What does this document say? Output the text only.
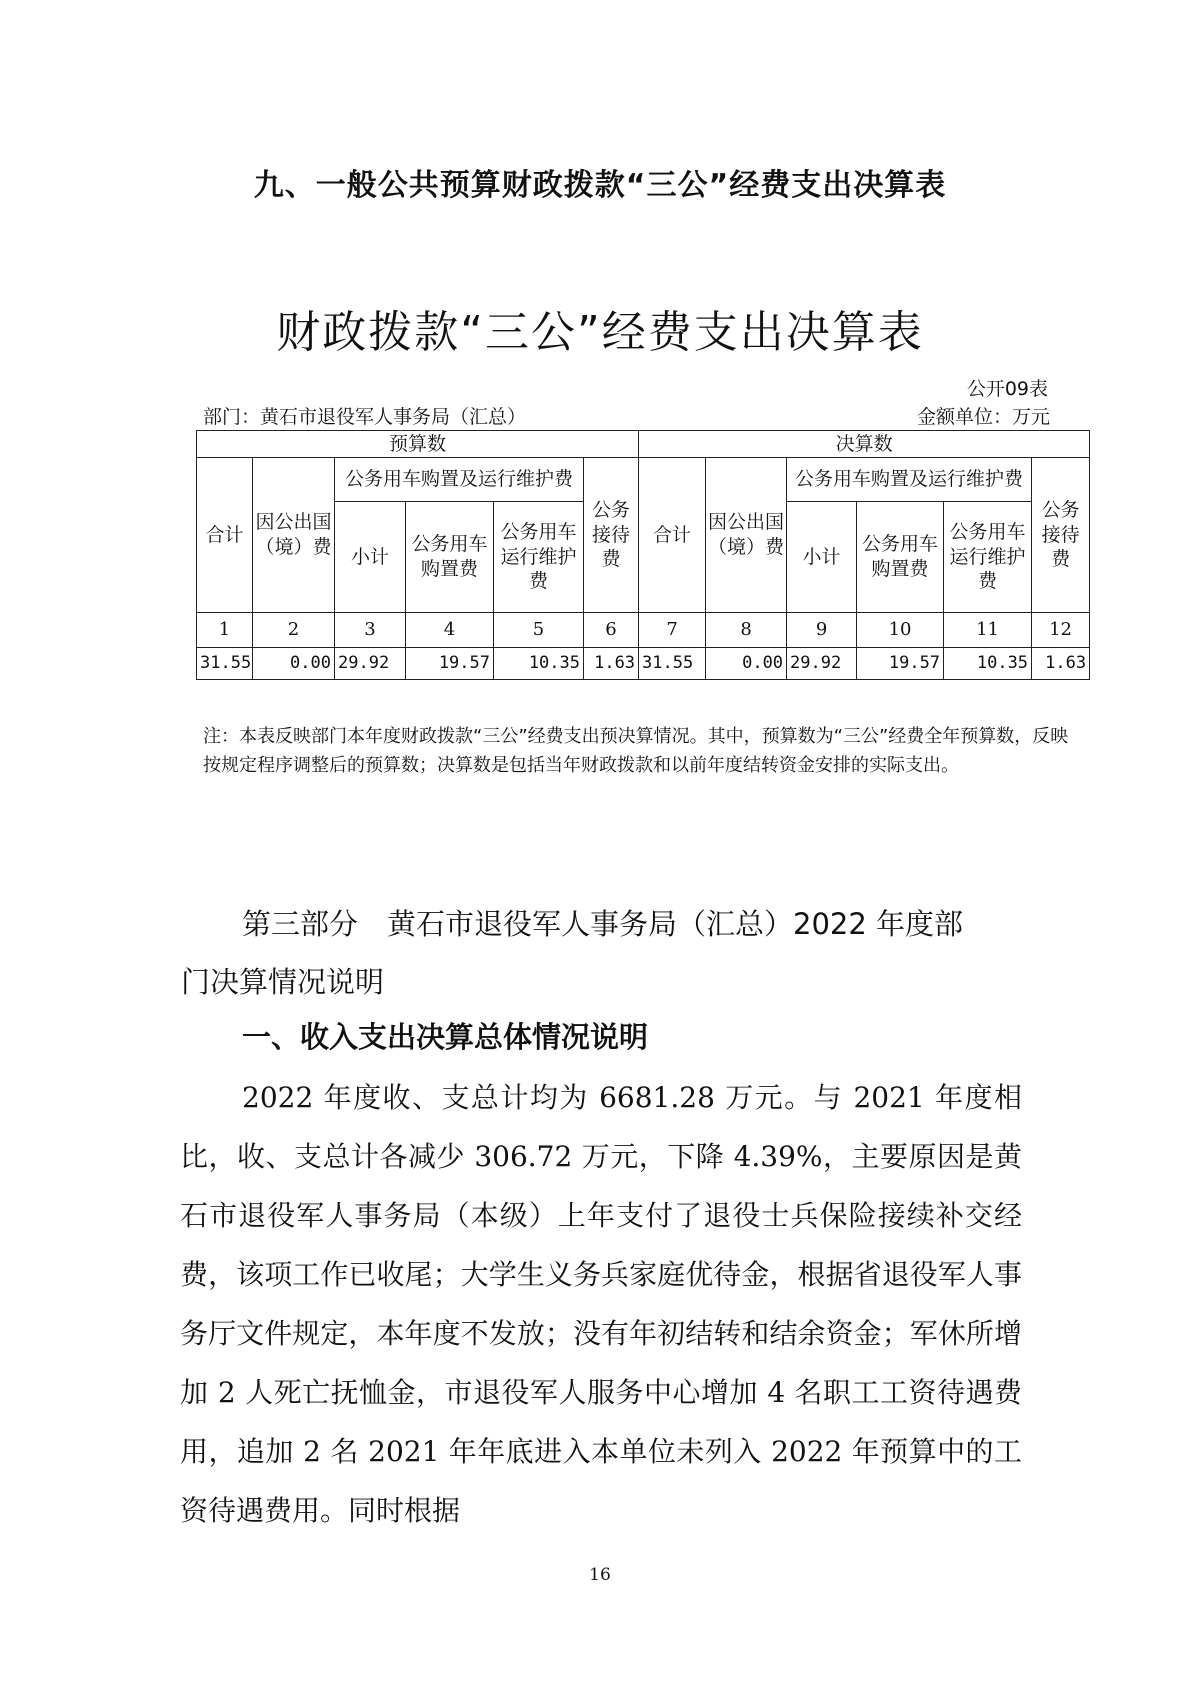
九、一般公共预算财政拨款“三公”经费支出决算表
财政拨款“三公”经费支出决算表
公开09表
部门：黄石市退役军人事务局（汇总）	金额单位：万元
预算数						决算数					
合计	因公出国（境）费	公务用车购置及运行维护费			公务接待费	合计	因公出国（境）费	公务用车购置及运行维护费			公务接待费
		小计	公务用车购置费	公务用车运行维护费				小计	公务用车购置费	公务用车运行维护费	
1	2	3	4	5	6	7	8	9	10	11	12
31.55	0.00	29.92	19.57	10.35	1.63	31.55	0.00	29.92	19.57	10.35	1.63
注：本表反映部门本年度财政拨款“三公”经费支出预决算情况。其中，预算数为“三公”经费全年预算数，反映按规定程序调整后的预算数；决算数是包括当年财政拨款和以前年度结转资金安排的实际支出。
第三部分　黄石市退役军人事务局（汇总）2022 年度部
门决算情况说明
一、收入支出决算总体情况说明
2022 年度收、支总计均为 6681.28 万元。与 2021 年度相比，收、支总计各减少 306.72 万元，下降 4.39%，主要原因是黄石市退役军人事务局（本级）上年支付了退役士兵保险接续补交经费，该项工作已收尾；大学生义务兵家庭优待金，根据省退役军人事务厅文件规定，本年度不发放；没有年初结转和结余资金；军休所增加 2 人死亡抚恤金，市退役军人服务中心增加 4 名职工工资待遇费用，追加 2 名 2021 年年底进入本单位未列入 2022 年预算中的工资待遇费用。同时根据
16
